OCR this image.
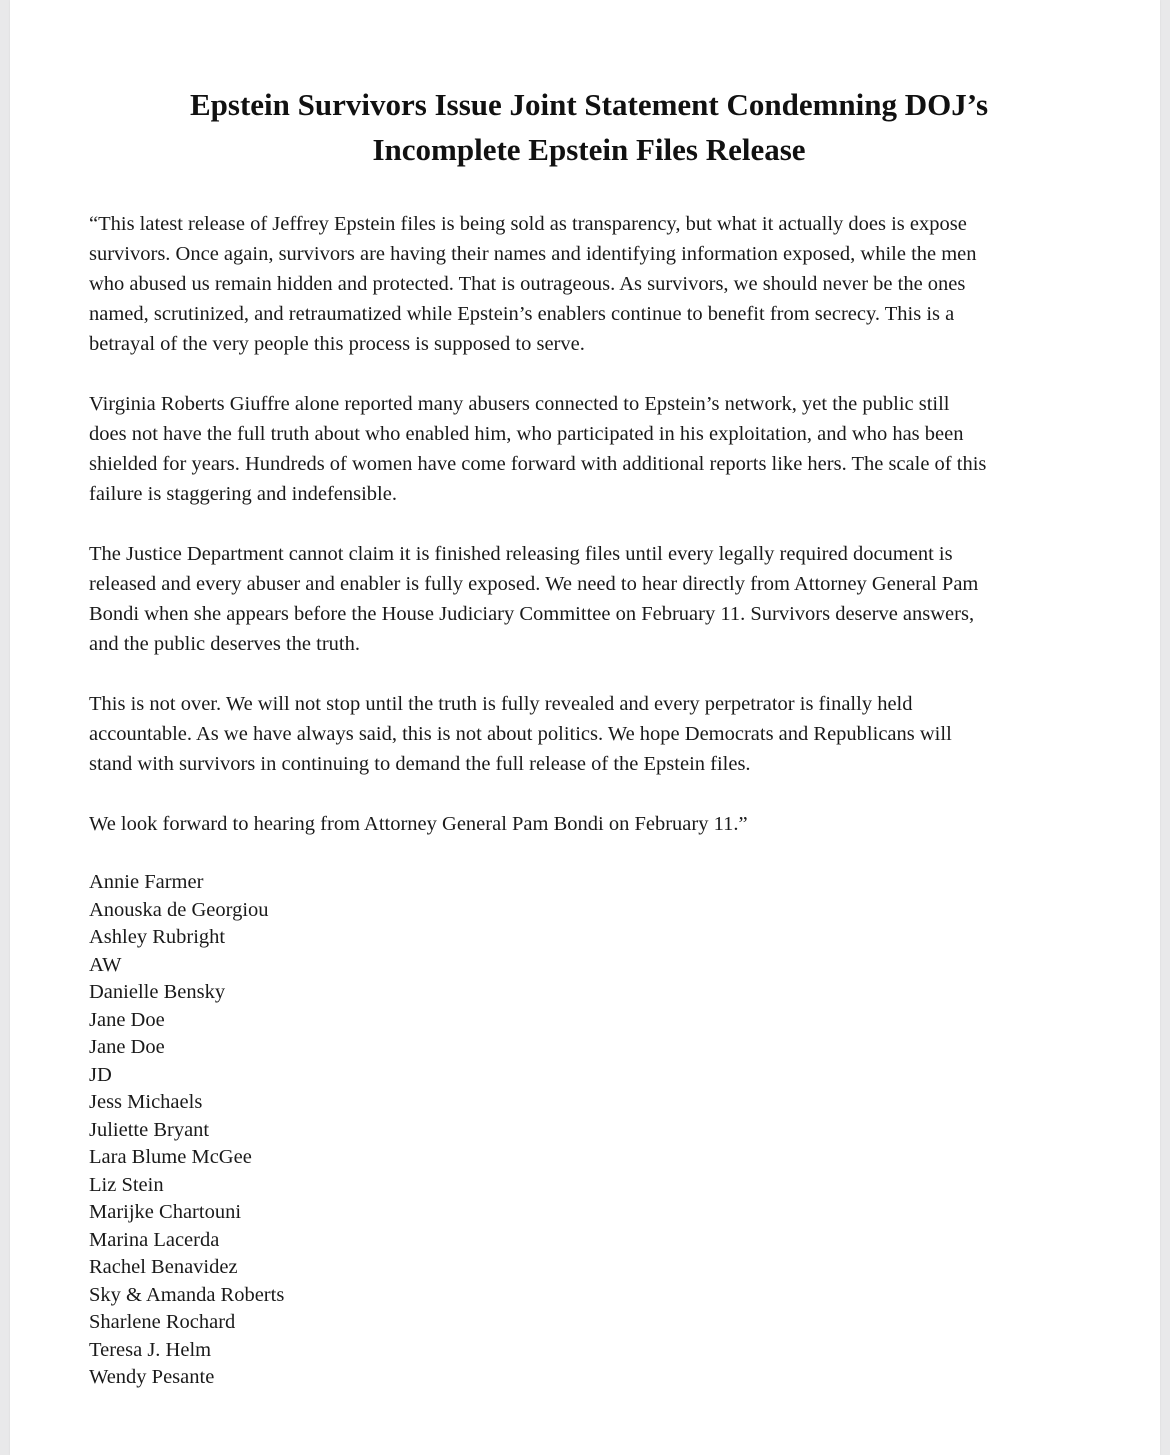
Epstein Survivors Issue Joint Statement Condemning DOJ’s
Incomplete Epstein Files Release

“This latest release of Jeffrey Epstein files is being sold as transparency, but what it actually does is expose
survivors. Once again, survivors are having their names and identifying information exposed, while the men
who abused us remain hidden and protected. That is outrageous. As survivors, we should never be the ones
named, scrutinized, and retraumatized while Epstein’s enablers continue to benefit from secrecy. This is a
betrayal of the very people this process is supposed to serve.

Virginia Roberts Giuffre alone reported many abusers connected to Epstein’s network, yet the public still
does not have the full truth about who enabled him, who participated in his exploitation, and who has been
shielded for years. Hundreds of women have come forward with additional reports like hers. The scale of this
failure is staggering and indefensible.

The Justice Department cannot claim it is finished releasing files until every legally required document is
released and every abuser and enabler is fully exposed. We need to hear directly from Attorney General Pam
Bondi when she appears before the House Judiciary Committee on February 11. Survivors deserve answers,
and the public deserves the truth.

This is not over. We will not stop until the truth is fully revealed and every perpetrator is finally held
accountable. As we have always said, this is not about politics. We hope Democrats and Republicans will
stand with survivors in continuing to demand the full release of the Epstein files.

We look forward to hearing from Attorney General Pam Bondi on February 11.”

Annie Farmer
Anouska de Georgiou
Ashley Rubright
AW
Danielle Bensky
Jane Doe
Jane Doe
JD
Jess Michaels
Juliette Bryant
Lara Blume McGee
Liz Stein
Marijke Chartouni
Marina Lacerda
Rachel Benavidez
Sky & Amanda Roberts
Sharlene Rochard
Teresa J. Helm
Wendy Pesante
